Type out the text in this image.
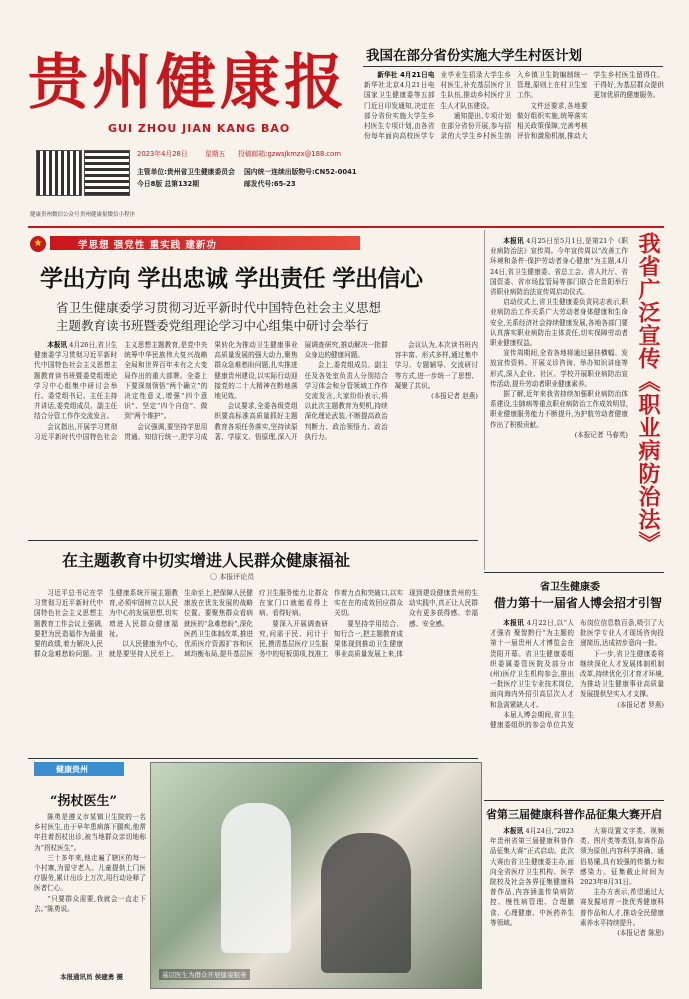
贵州健康报
GUI ZHOU JIAN KANG BAO
健康贵州微信公众号 贵州健康报微信小程序
主管单位:贵州省卫生健康委员会 国内统一连续出版物号:CN52-0041
今日8版 总第132期	邮发代号:65-23
2023年4月28日	星期五 投稿邮箱:gzwsjkmzx@188.com
我国在部分省份实施大学生村医计划

新华社 4月21日电 新华社北京4月21日电 国家卫生健康委等五部门近日印发通知,决定在部分省份实施大学生乡村医生专项计划,由各省份每年面向高校医学专业毕业生招录大学生乡村医生,补充基层医疗卫生队伍,推动乡村医疗卫生人才队伍建设。

通知提出,专项计划在部分省份开展,参与招录的大学生乡村医生纳入乡镇卫生院编制统一管理,原则上在村卫生室工作。

文件还要求,各地要做好组织实施,统筹落实相关政策保障,完善考核评价和激励机制,推动大学生乡村医生留得住、干得好,为基层群众提供更加优质的健康服务。

★	学思想 强党性 重实践 建新功
学出方向 学出忠诚 学出责任 学出信心
省卫生健康委学习贯彻习近平新时代中国特色社会主义思想
主题教育读书班暨委党组理论学习中心组集中研讨会举行

本报讯 4月26日,省卫生健康委学习贯彻习近平新时代中国特色社会主义思想主题教育读书班暨委党组理论学习中心组集中研讨会举行。委党组书记、主任主持并讲话,委党组成员、副主任结合分管工作作交流发言。

会议指出,开展学习贯彻习近平新时代中国特色社会主义思想主题教育,是党中央统筹中华民族伟大复兴战略全局和世界百年未有之大变局作出的重大部署。全委上下要深刻领悟“两个确立”的决定性意义,增强“四个意识”、坚定“四个自信”、做到“两个维护”。

会议强调,要坚持学思用贯通、知信行统一,把学习成果转化为推动卫生健康事业高质量发展的强大动力,聚焦群众急难愁盼问题,扎实推进健康贵州建设,以实际行动迎接党的二十大精神在黔地落地见效。

会议要求,全委各级党组织要高标准高质量抓好主题教育各项任务落实,坚持读原著、学原文、悟原理,深入开展调查研究,推动解决一批群众身边的健康问题。

会上,委党组成员、副主任及各处室负责人分别结合学习体会和分管领域工作作交流发言,大家纷纷表示,将以此次主题教育为契机,持续深化理论武装,不断提高政治判断力、政治领悟力、政治执行力。

会议认为,本次读书班内容丰富、形式多样,通过集中学习、专题辅导、交流研讨等方式,进一步统一了思想、凝聚了共识。

(本报记者 赵燕)	我省广泛宣传《职业病防治法》

本报讯 4月25日至5月1日,是第21个《职业病防治法》宣传周。今年宣传周以“改善工作环境和条件·保护劳动者身心健康”为主题,4月24日,省卫生健康委、省总工会、省人社厅、省国资委、省市场监管局等部门联合在贵阳举行省职业病防治法宣传周启动仪式。

启动仪式上,省卫生健康委负责同志表示,职业病防治工作关系广大劳动者身体健康和生命安全,关系经济社会持续健康发展,各地各部门要认真落实职业病防治主体责任,切实保障劳动者职业健康权益。

宣传周期间,全省各地将通过悬挂横幅、发放宣传资料、开展义诊咨询、举办知识讲座等形式,深入企业、社区、学校开展职业病防治宣传活动,提升劳动者职业健康素养。

据了解,近年来我省持续加强职业病防治体系建设,尘肺病等重点职业病防治工作成效明显,职业健康服务能力不断提升,为护航劳动者健康作出了积极贡献。

(本报记者 马春英)

在主题教育中切实增进人民群众健康福祉
〇 本报评论员

习近平总书记在学习贯彻习近平新时代中国特色社会主义思想主题教育工作会议上强调,要把为民造福作为最重要的政绩,着力解决人民群众急难愁盼问题。卫生健康系统开展主题教育,必须牢固树立以人民为中心的发展思想,切实增进人民群众健康福祉。

以人民健康为中心,就是要坚持人民至上、生命至上,把保障人民健康放在优先发展的战略位置。要聚焦群众看病就医的“急难愁盼”,深化医药卫生体制改革,推进优质医疗资源扩容和区域均衡布局,提升基层医疗卫生服务能力,让群众在家门口就能看得上病、看得好病。

要深入开展调查研究,问需于民、问计于民,摸清基层医疗卫生服务中的短板弱项,找准工作着力点和突破口,以实实在在的成效回应群众关切。

要坚持学用结合、知行合一,把主题教育成果体现到推动卫生健康事业高质量发展上来,体现到建设健康贵州的生动实践中,真正让人民群众有更多获得感、幸福感、安全感。

省卫生健康委
借力第十一届省人博会招才引智

本报讯 4月22日,以“人才强省 聚智黔行”为主题的第十一届贵州人才博览会在贵阳开幕。省卫生健康委组织委属委管医院及部分市(州)医疗卫生机构参会,推出一批医疗卫生专业技术岗位,面向海内外招引高层次人才和急需紧缺人才。

本届人博会期间,省卫生健康委组织的参会单位共发布岗位信息数百条,吸引了大批医学专业人才现场咨询投递简历,达成初步意向一批。

下一步,省卫生健康委将继续深化人才发展体制机制改革,持续优化引才育才环境,为推动卫生健康事业高质量发展提供坚实人才支撑。

(本报记者 罗燕)

健康贵州
“拐杖医生”

陈勇是遵义市某镇卫生院的一名乡村医生,由于早年患病落下腿疾,他常年拄着拐杖出诊,被当地群众亲切地称为“拐杖医生”。

三十多年来,他走遍了辖区的每一个村寨,为留守老人、儿童提供上门医疗服务,累计出诊上万次,用行动诠释了医者仁心。

“只要群众需要,我就会一直走下去。”陈勇说。

本报通讯员 侯建勇 摄	基层医生为群众开展健康服务
省第三届健康科普作品征集大赛开启

本报讯 4月24日,“2023年贵州省第三届健康科普作品征集大赛”正式启动。此次大赛由省卫生健康委主办,面向全省医疗卫生机构、医学院校及社会各界征集健康科普作品,内容涵盖传染病防控、慢性病管理、合理膳食、心理健康、中医药养生等领域。

大赛设置文字类、视频类、图片类等类别,参赛作品须为原创,内容科学准确、通俗易懂,具有较强的传播力和感染力。征集截止时间为2023年8月31日。

主办方表示,希望通过大赛发掘培育一批优秀健康科普作品和人才,推动全民健康素养水平持续提升。

(本报记者 陈思)
